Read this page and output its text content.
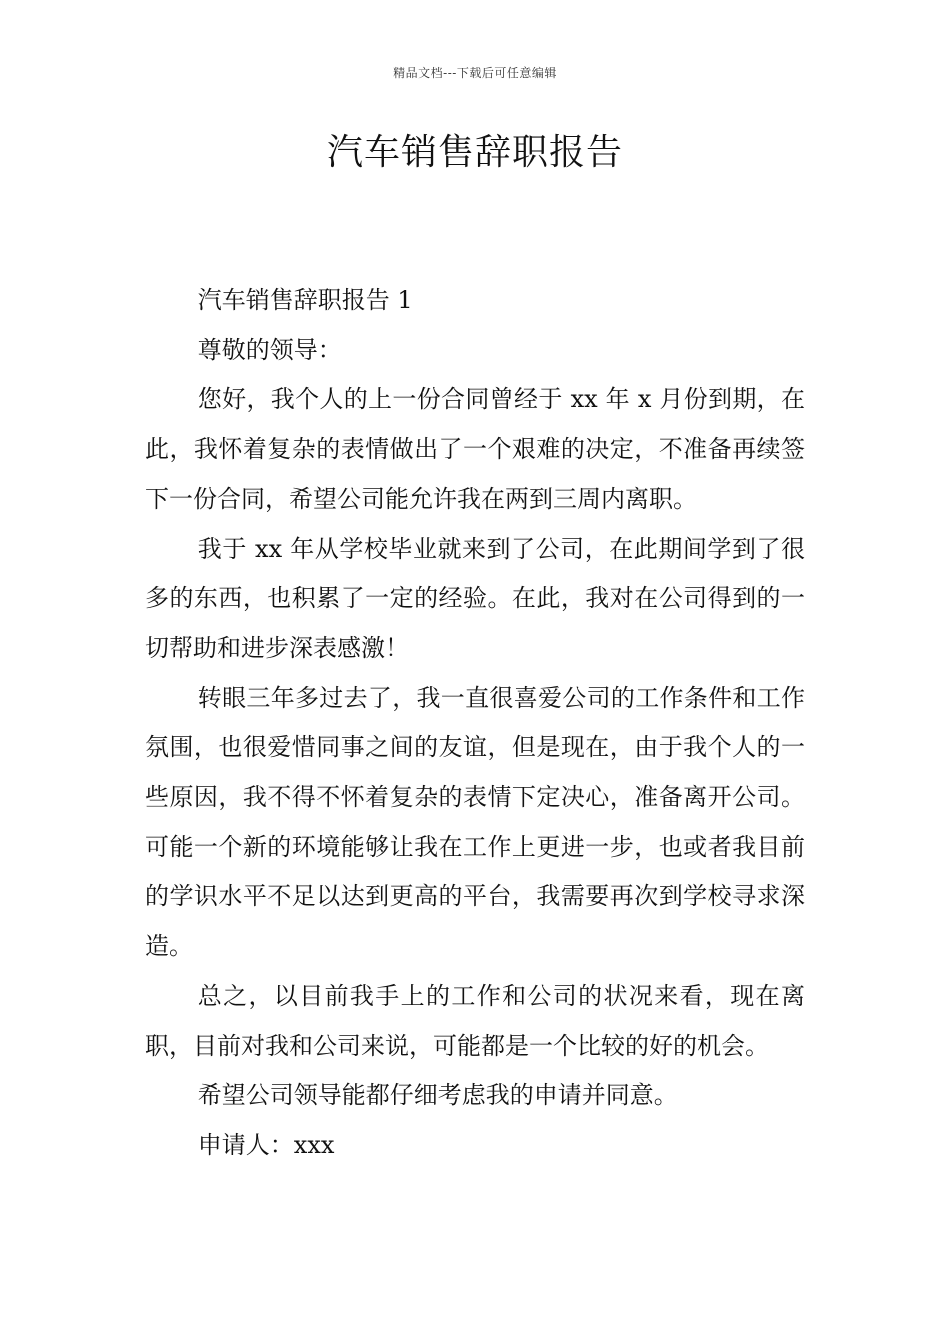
精品文档---下载后可任意编辑
汽车销售辞职报告

汽车销售辞职报告 1

尊敬的领导：

您好，我个人的上一份合同曾经于 xx 年 x 月份到期，在此，我怀着复杂的表情做出了一个艰难的决定，不准备再续签下一份合同，希望公司能允许我在两到三周内离职。

我于 xx 年从学校毕业就来到了公司，在此期间学到了很多的东西，也积累了一定的经验。在此，我对在公司得到的一切帮助和进步深表感激！

转眼三年多过去了，我一直很喜爱公司的工作条件和工作氛围，也很爱惜同事之间的友谊，但是现在，由于我个人的一些原因，我不得不怀着复杂的表情下定决心，准备离开公司。可能一个新的环境能够让我在工作上更进一步，也或者我目前的学识水平不足以达到更高的平台，我需要再次到学校寻求深造。

总之，以目前我手上的工作和公司的状况来看，现在离职，目前对我和公司来说，可能都是一个比较的好的机会。

希望公司领导能都仔细考虑我的申请并同意。

申请人：xxx
